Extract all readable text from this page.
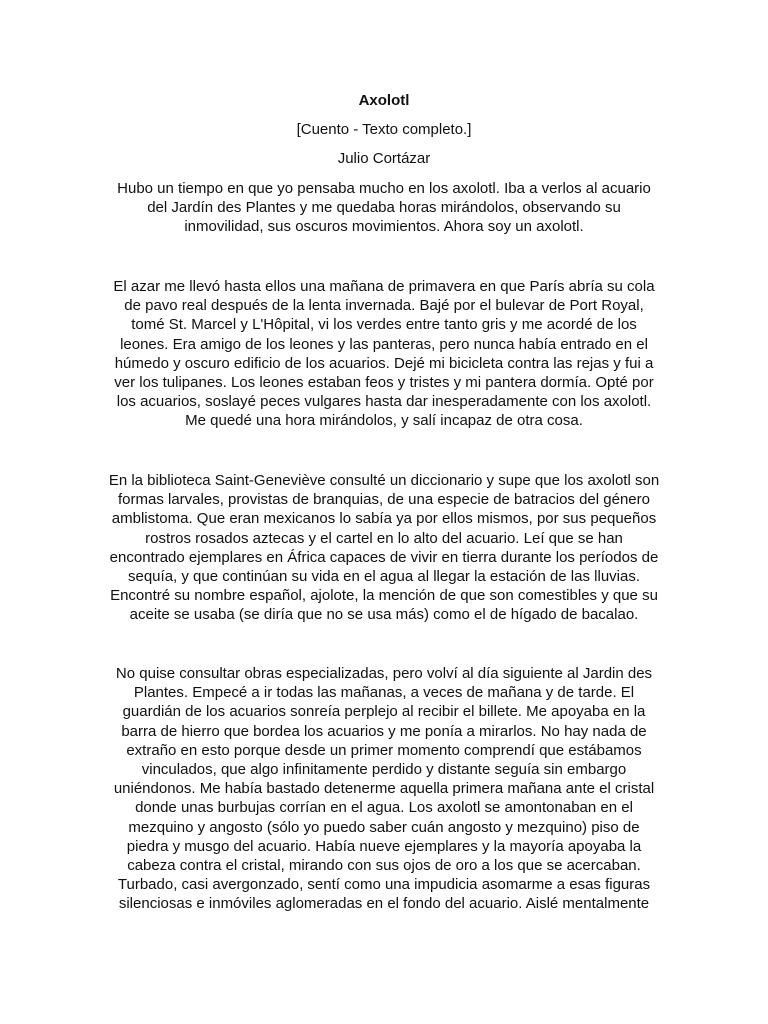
Axolotl
[Cuento - Texto completo.]
Julio Cortázar
Hubo un tiempo en que yo pensaba mucho en los axolotl. Iba a verlos al acuario
del Jardín des Plantes y me quedaba horas mirándolos, observando su
inmovilidad, sus oscuros movimientos. Ahora soy un axolotl.
El azar me llevó hasta ellos una mañana de primavera en que París abría su cola
de pavo real después de la lenta invernada. Bajé por el bulevar de Port Royal,
tomé St. Marcel y L'Hôpital, vi los verdes entre tanto gris y me acordé de los
leones. Era amigo de los leones y las panteras, pero nunca había entrado en el
húmedo y oscuro edificio de los acuarios. Dejé mi bicicleta contra las rejas y fui a
ver los tulipanes. Los leones estaban feos y tristes y mi pantera dormía. Opté por
los acuarios, soslayé peces vulgares hasta dar inesperadamente con los axolotl.
Me quedé una hora mirándolos, y salí incapaz de otra cosa.
En la biblioteca Saint-Geneviève consulté un diccionario y supe que los axolotl son
formas larvales, provistas de branquias, de una especie de batracios del género
amblistoma. Que eran mexicanos lo sabía ya por ellos mismos, por sus pequeños
rostros rosados aztecas y el cartel en lo alto del acuario. Leí que se han
encontrado ejemplares en África capaces de vivir en tierra durante los períodos de
sequía, y que continúan su vida en el agua al llegar la estación de las lluvias.
Encontré su nombre español, ajolote, la mención de que son comestibles y que su
aceite se usaba (se diría que no se usa más) como el de hígado de bacalao.
No quise consultar obras especializadas, pero volví al día siguiente al Jardin des
Plantes. Empecé a ir todas las mañanas, a veces de mañana y de tarde. El
guardián de los acuarios sonreía perplejo al recibir el billete. Me apoyaba en la
barra de hierro que bordea los acuarios y me ponía a mirarlos. No hay nada de
extraño en esto porque desde un primer momento comprendí que estábamos
vinculados, que algo infinitamente perdido y distante seguía sin embargo
uniéndonos. Me había bastado detenerme aquella primera mañana ante el cristal
donde unas burbujas corrían en el agua. Los axolotl se amontonaban en el
mezquino y angosto (sólo yo puedo saber cuán angosto y mezquino) piso de
piedra y musgo del acuario. Había nueve ejemplares y la mayoría apoyaba la
cabeza contra el cristal, mirando con sus ojos de oro a los que se acercaban.
Turbado, casi avergonzado, sentí como una impudicia asomarme a esas figuras
silenciosas e inmóviles aglomeradas en el fondo del acuario. Aislé mentalmente
